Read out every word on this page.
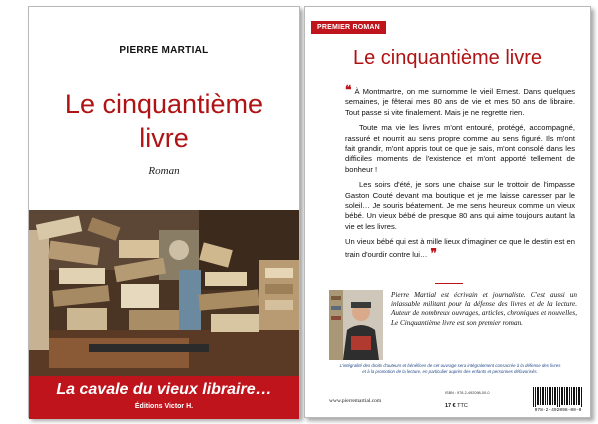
PIERRE MARTIAL
Le cinquantième
livre
Roman
La cavale du vieux libraire…
Éditions Victor H.
PREMIER ROMAN
Le cinquantième livre

❝ À Montmartre, on me surnomme le vieil Ernest. Dans quelques semaines, je fêterai mes 80 ans de vie et mes 50 ans de libraire. Tout passe si vite finalement. Mais je ne regrette rien.

Toute ma vie les livres m'ont entouré, protégé, accompagné, rassuré et nourrit au sens propre comme au sens figuré. Ils m'ont fait grandir, m'ont appris tout ce que je sais, m'ont consolé dans les difficiles moments de l'existence et m'ont apporté tellement de bonheur !

Les soirs d'été, je sors une chaise sur le trottoir de l'impasse Gaston Couté devant ma boutique et je me laisse caresser par le soleil… Je souris béatement. Je me sens heureux comme un vieux bébé. Un vieux bébé de presque 80 ans qui aime toujours autant la vie et les livres.

Un vieux bébé qui est à mille lieux d'imaginer ce que le destin est en train d'ourdir contre lui… ❞

Pierre Martial est écrivain et journaliste. C'est aussi un inlassable militant pour la défense des livres et de la lecture. Auteur de nombreux ouvrages, articles, chroniques et nouvelles, Le Cinquantième livre est son premier roman.
L'intégralité des droits d'auteurs et bénéfices de cet ouvrage sera intégralement consacrée à la défense des livres et à la promotion de la lecture, en particulier auprès des enfants et personnes défavorisés.
www.pierremartial.com
ISBN : 978-2-492098-00-0
17 € TTC
978-2-492098-00-0
